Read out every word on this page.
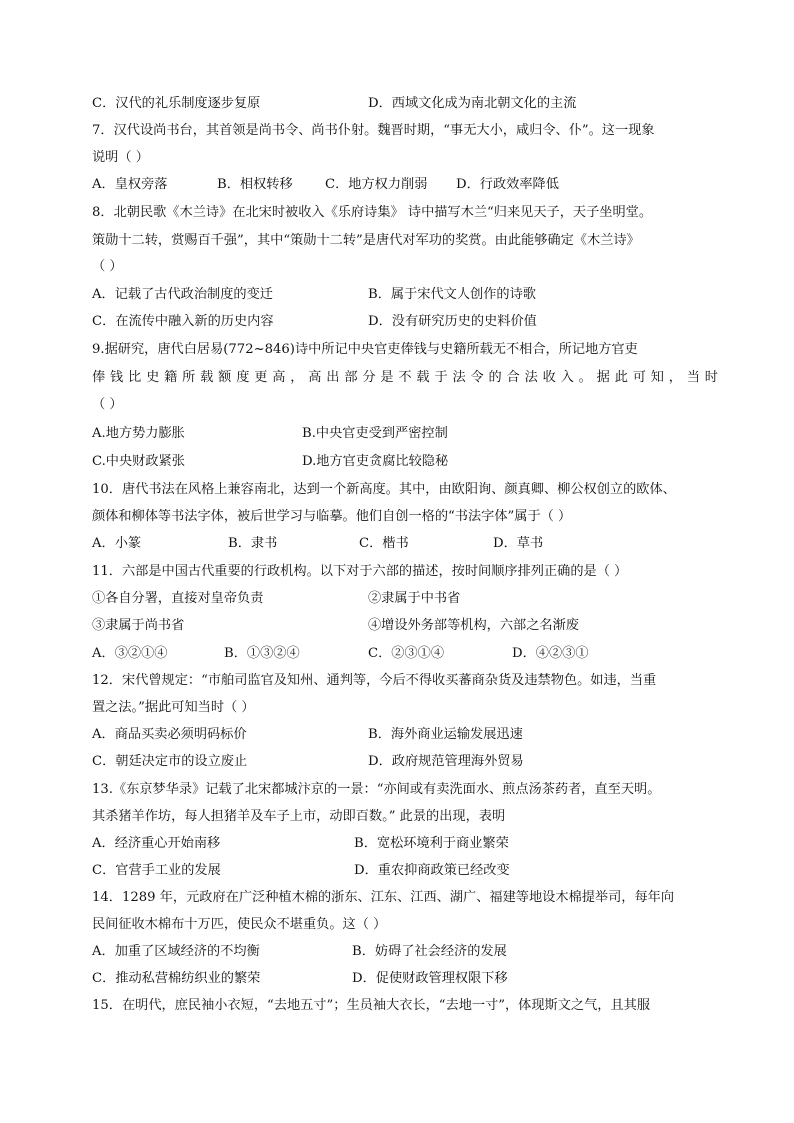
C．汉代的礼乐制度逐步复原	D．西域文化成为南北朝文化的主流
7．汉代设尚书台，其首领是尚书令、尚书仆射。魏晋时期，“事无大小，咸归令、仆”。这一现象
说明（ ）
A．皇权旁落	B．相权转移 C．地方权力削弱 D．行政效率降低
8．北朝民歌《木兰诗》在北宋时被收入《乐府诗集》 诗中描写木兰“归来见天子，天子坐明堂。
策勋十二转，赏赐百千强”，其中“策勋十二转”是唐代对军功的奖赏。由此能够确定《木兰诗》
（ ）
A．记载了古代政治制度的变迁	B．属于宋代文人创作的诗歌
C．在流传中融入新的历史内容	D．没有研究历史的史料价值
9.据研究，唐代白居易(772~846)诗中所记中央官吏俸钱与史籍所载无不相合，所记地方官吏
俸钱比史籍所载额度更高，高出部分是不载于法令的合法收入。据此可知，当时
（ ）
A.地方势力膨胀	B.中央官吏受到严密控制
C.中央财政紧张	D.地方官吏贪腐比较隐秘
10．唐代书法在风格上兼容南北，达到一个新高度。其中，由欧阳询、颜真卿、柳公权创立的欧体、
颜体和柳体等书法字体，被后世学习与临摹。他们自创一格的“书法字体”属于（ ）
A．小篆	B．隶书	C．楷书	D．草书
11．六部是中国古代重要的行政机构。以下对于六部的描述，按时间顺序排列正确的是（ ）
①各自分署，直接对皇帝负责	②隶属于中书省
③隶属于尚书省	④增设外务部等机构，六部之名渐废
A．③②①④	B．①③②④	C．②③①④	D．④②③①
12．宋代曾规定：“市舶司监官及知州、通判等，今后不得收买蕃商杂货及违禁物色。如违，当重
置之法。”据此可知当时（ ）
A．商品买卖必须明码标价	B．海外商业运输发展迅速
C．朝廷决定市的设立废止	D．政府规范管理海外贸易
13.《东京梦华录》记载了北宋都城汴京的一景：“亦间或有卖洗面水、煎点汤茶药者，直至天明。
其杀猪羊作坊，每人担猪羊及车子上市，动即百数。” 此景的出现，表明
A．经济重心开始南移	B．宽松环境利于商业繁荣
C．官营手工业的发展	D．重农抑商政策已经改变
14．1289 年，元政府在广泛种植木棉的浙东、江东、江西、湖广、福建等地设木棉提举司，每年向
民间征收木棉布十万匹，使民众不堪重负。这（ ）
A．加重了区域经济的不均衡	B．妨碍了社会经济的发展
C．推动私营棉纺织业的繁荣	D．促使财政管理权限下移
15．在明代，庶民袖小衣短，“去地五寸”；生员袖大衣长，“去地一寸”，体现斯文之气，且其服
